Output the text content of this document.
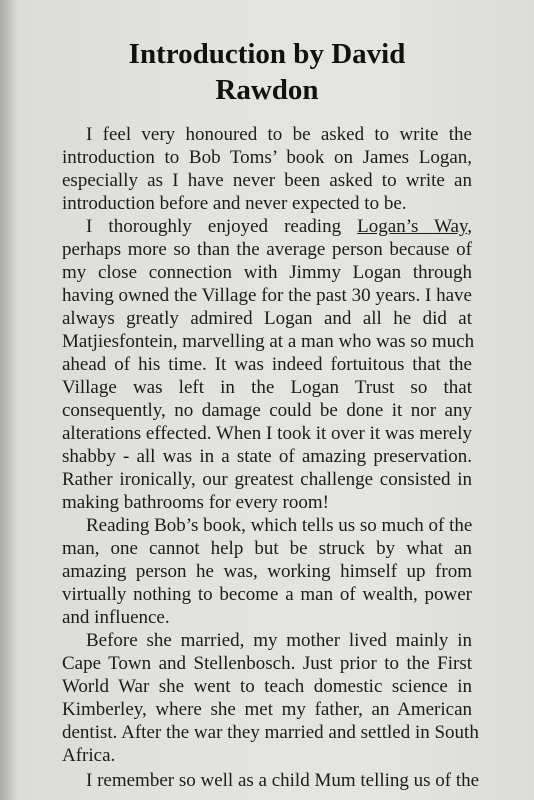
Introduction by David
Rawdon
I feel very honoured to be asked to write the
introduction to Bob Toms’ book on James Logan,
especially as I have never been asked to write an
introduction before and never expected to be.
I thoroughly enjoyed reading Logan’s Way,
perhaps more so than the average person because of
my close connection with Jimmy Logan through
having owned the Village for the past 30 years. I have
always greatly admired Logan and all he did at
Matjiesfontein, marvelling at a man who was so much
ahead of his time. It was indeed fortuitous that the
Village was left in the Logan Trust so that
consequently, no damage could be done it nor any
alterations effected. When I took it over it was merely
shabby - all was in a state of amazing preservation.
Rather ironically, our greatest challenge consisted in
making bathrooms for every room!
Reading Bob’s book, which tells us so much of the
man, one cannot help but be struck by what an
amazing person he was, working himself up from
virtually nothing to become a man of wealth, power
and influence.
Before she married, my mother lived mainly in
Cape Town and Stellenbosch. Just prior to the First
World War she went to teach domestic science in
Kimberley, where she met my father, an American
dentist. After the war they married and settled in South
Africa.
I remember so well as a child Mum telling us of the
